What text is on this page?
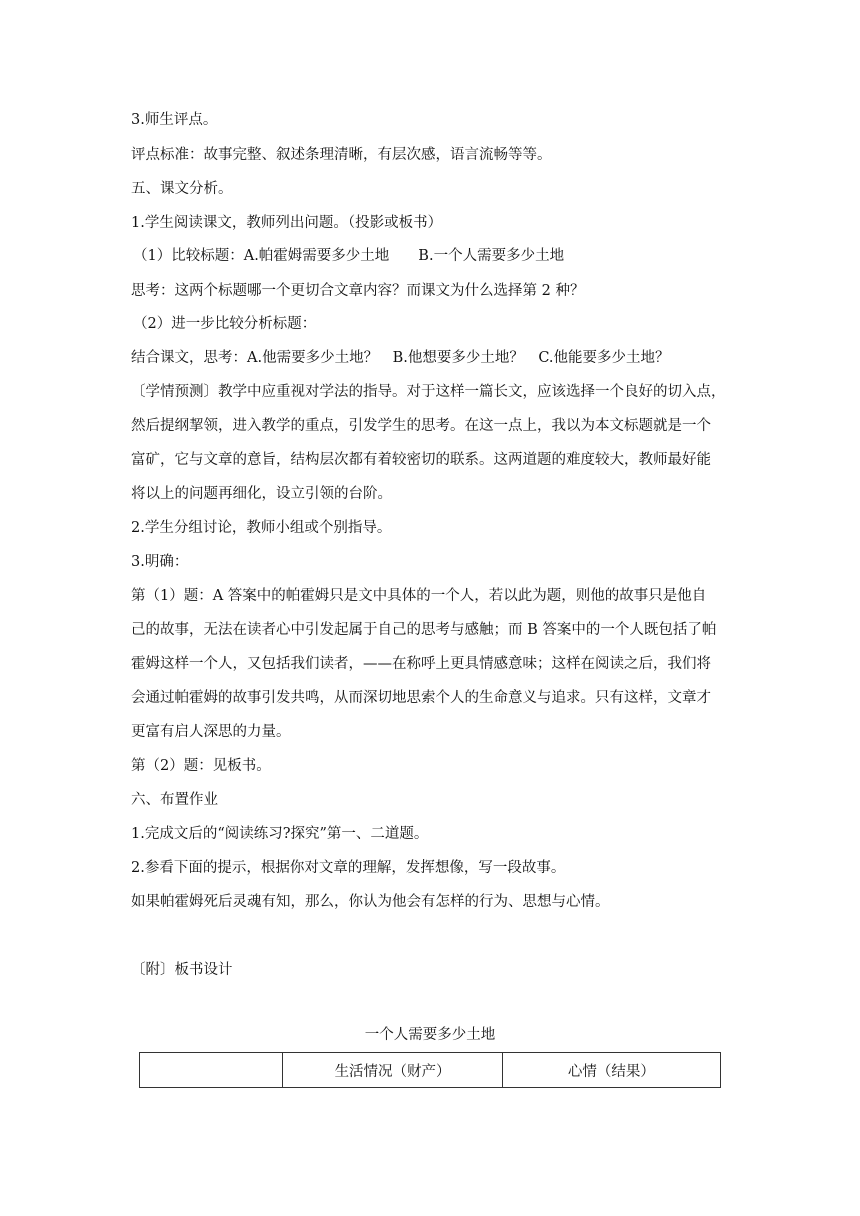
3.师生评点。
评点标准：故事完整、叙述条理清晰，有层次感，语言流畅等等。
五、课文分析。
1.学生阅读课文，教师列出问题。（投影或板书）
（1）比较标题：A.帕霍姆需要多少土地　　B.一个人需要多少土地
思考：这两个标题哪一个更切合文章内容？而课文为什么选择第 2 种？
（2）进一步比较分析标题：
结合课文，思考：A.他需要多少土地？　B.他想要多少土地？　C.他能要多少土地？
〔学情预测〕教学中应重视对学法的指导。对于这样一篇长文，应该选择一个良好的切入点，
然后提纲挈领，进入教学的重点，引发学生的思考。在这一点上，我以为本文标题就是一个
富矿，它与文章的意旨，结构层次都有着较密切的联系。这两道题的难度较大，教师最好能
将以上的问题再细化，设立引领的台阶。
2.学生分组讨论，教师小组或个别指导。
3.明确：
第（1）题：A 答案中的帕霍姆只是文中具体的一个人，若以此为题，则他的故事只是他自
己的故事，无法在读者心中引发起属于自己的思考与感触；而 B 答案中的一个人既包括了帕
霍姆这样一个人，又包括我们读者，——在称呼上更具情感意味；这样在阅读之后，我们将
会通过帕霍姆的故事引发共鸣，从而深切地思索个人的生命意义与追求。只有这样，文章才
更富有启人深思的力量。
第（2）题：见板书。
六、布置作业
1.完成文后的“阅读练习?探究”第一、二道题。
2.参看下面的提示，根据你对文章的理解，发挥想像，写一段故事。
如果帕霍姆死后灵魂有知，那么，你认为他会有怎样的行为、思想与心情。
〔附〕板书设计
一个人需要多少土地
	生活情况（财产）	心情（结果）
